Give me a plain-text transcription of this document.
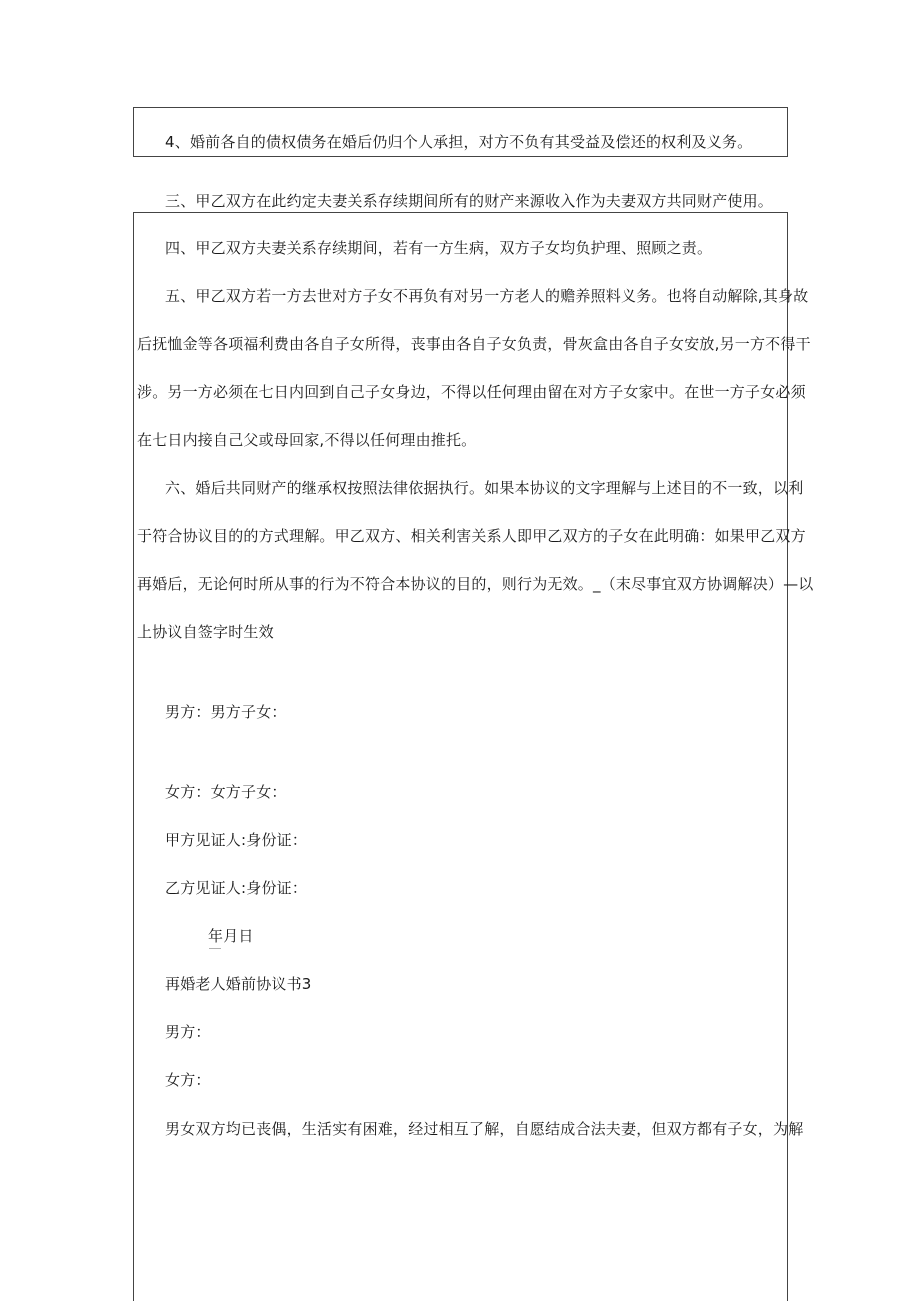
4、婚前各自的债权债务在婚后仍归个人承担，对方不负有其受益及偿还的权利及义务。
三、甲乙双方在此约定夫妻关系存续期间所有的财产来源收入作为夫妻双方共同财产使用。
四、甲乙双方夫妻关系存续期间，若有一方生病，双方子女均负护理、照顾之责。
五、甲乙双方若一方去世对方子女不再负有对另一方老人的赡养照料义务。也将自动解除,其身故
后抚恤金等各项福利费由各自子女所得，丧事由各自子女负责，骨灰盒由各自子女安放,另一方不得干
涉。另一方必须在七日内回到自己子女身边，不得以任何理由留在对方子女家中。在世一方子女必须
在七日内接自己父或母回家,不得以任何理由推托。
六、婚后共同财产的继承权按照法律依据执行。如果本协议的文字理解与上述目的不一致，以利
于符合协议目的的方式理解。甲乙双方、相关利害关系人即甲乙双方的子女在此明确：如果甲乙双方
再婚后，无论何时所从事的行为不符合本协议的目的，则行为无效。_（末尽事宜双方协调解决）—以
上协议自签字时生效
男方：男方子女：
女方：女方子女：
甲方见证人:身份证：
乙方见证人:身份证：
年月日
再婚老人婚前协议书3
男方：
女方：
男女双方均已丧偶，生活实有困难，经过相互了解，自愿结成合法夫妻，但双方都有子女，为解
